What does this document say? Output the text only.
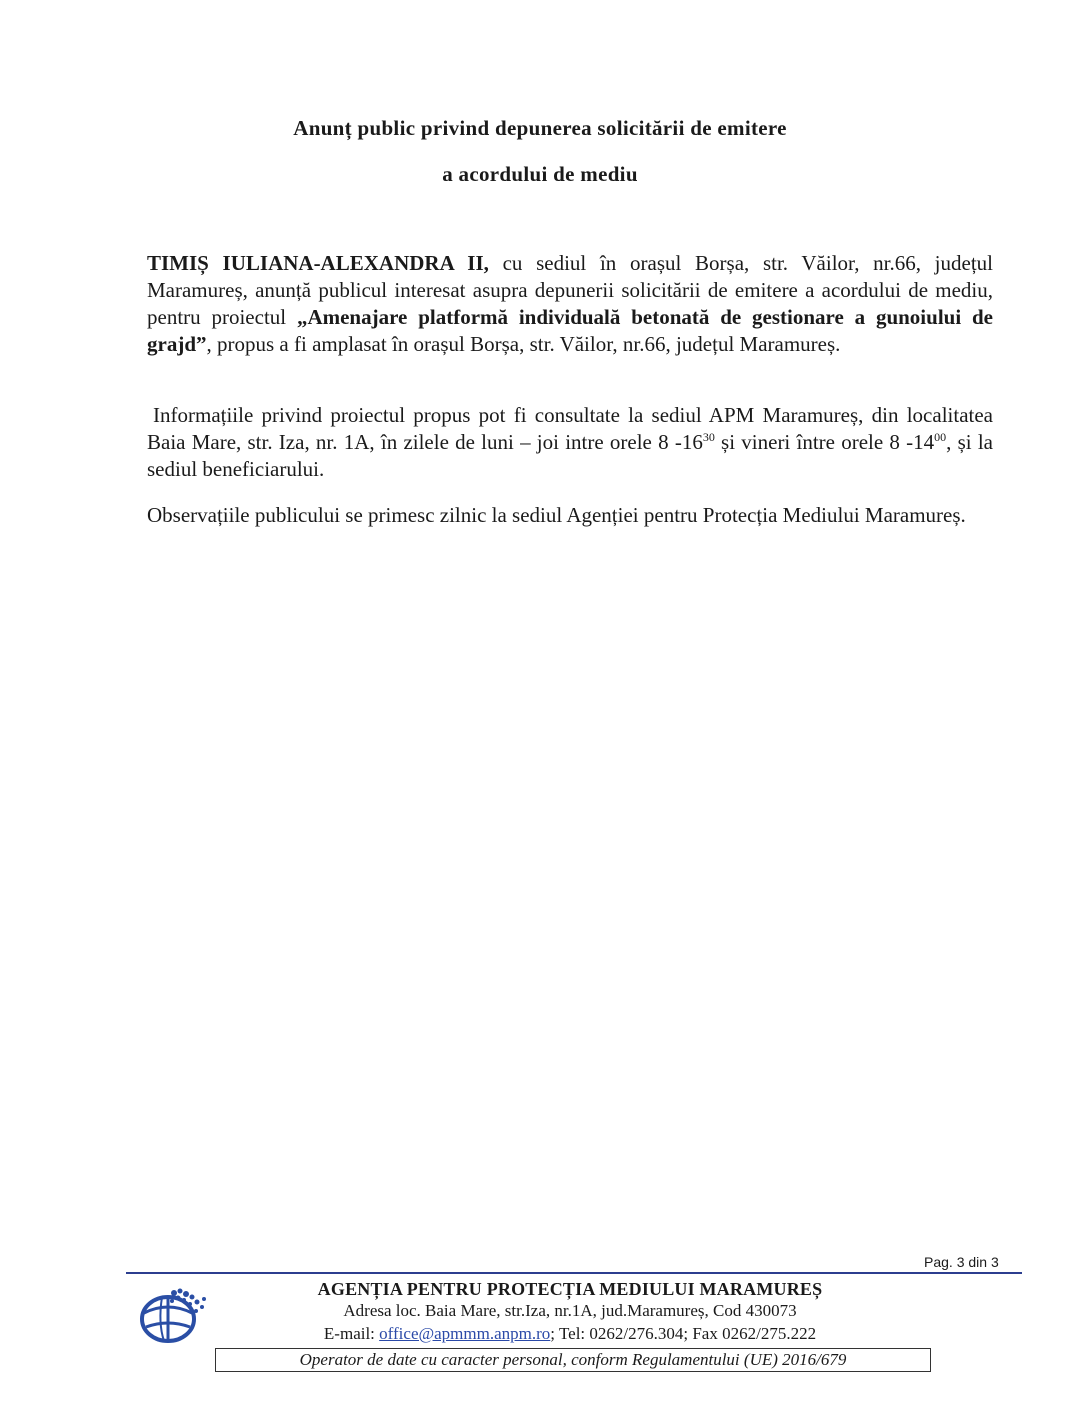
Anunț public privind depunerea solicitării de emitere
a acordului de mediu
TIMIȘ IULIANA-ALEXANDRA II, cu sediul în orașul Borșa, str. Văilor, nr.66, județul Maramureș, anunță publicul interesat asupra depunerii solicitării de emitere a acordului de mediu, pentru proiectul „Amenajare platformă individuală betonată de gestionare a gunoiului de grajd”, propus a fi amplasat în orașul Borșa, str. Văilor, nr.66, județul Maramureș.
Informațiile privind proiectul propus pot fi consultate la sediul APM Maramureș, din localitatea Baia Mare, str. Iza, nr. 1A, în zilele de luni – joi intre orele 8 $-16^{30}$ și vineri între orele 8 $-14^{00}$, și la sediul beneficiarului.
Observațiile publicului se primesc zilnic la sediul Agenției pentru Protecția Mediului Maramureș.
Pag. 3 din 3
AGENȚIA PENTRU PROTECȚIA MEDIULUI MARAMUREȘ
Adresa loc. Baia Mare, str.Iza, nr.1A, jud.Maramureș, Cod 430073
E-mail: office@apmmm.anpm.ro; Tel: 0262/276.304; Fax 0262/275.222
Operator de date cu caracter personal, conform Regulamentului (UE) 2016/679
